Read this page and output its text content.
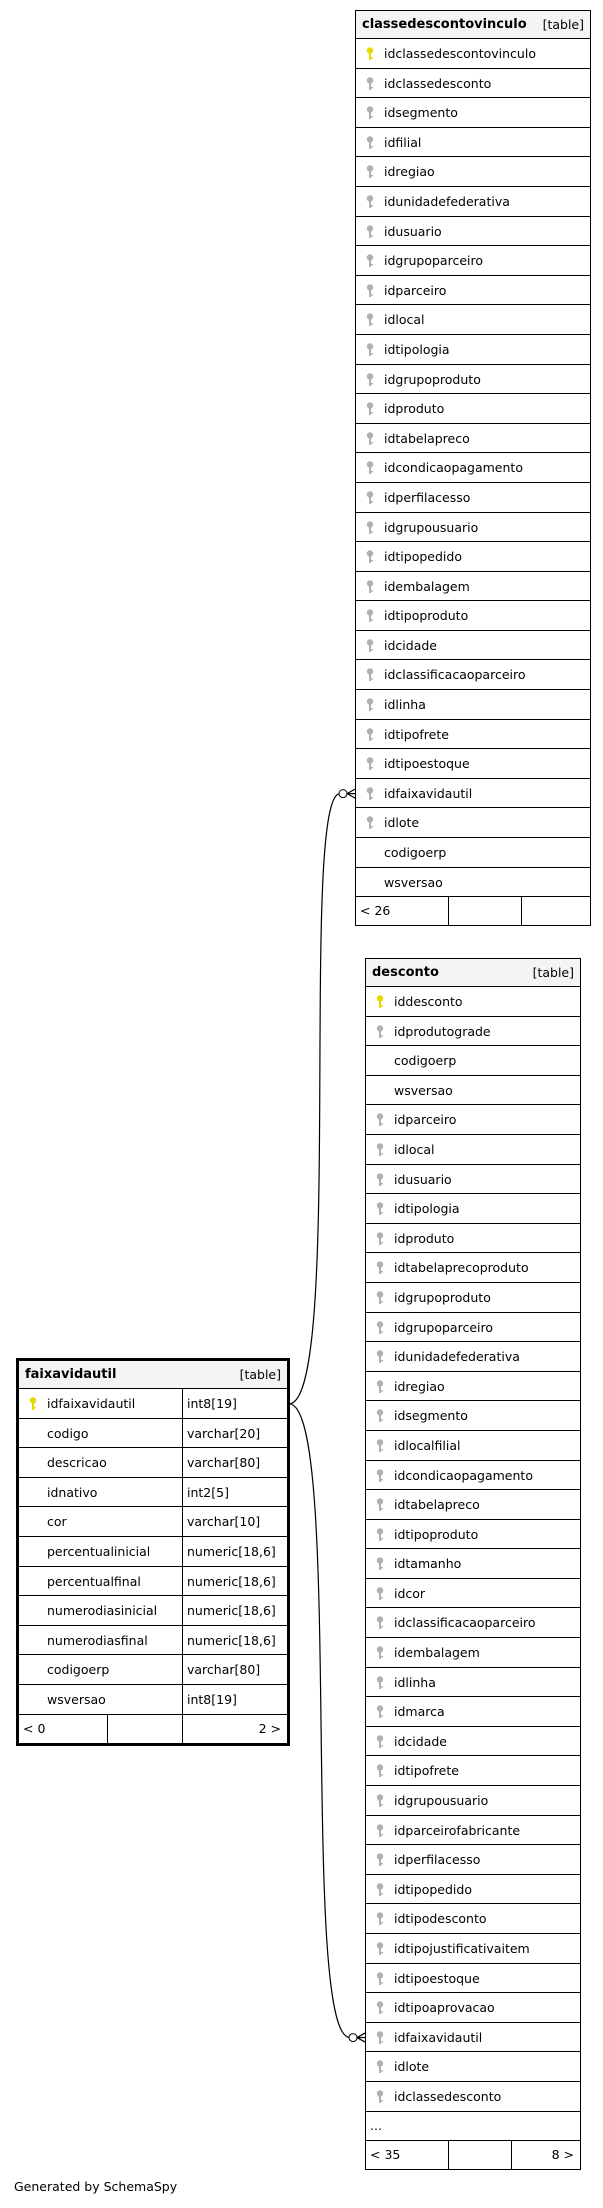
classedescontovinculo [table]
idclassedescontovinculo
idclassedesconto
idsegmento
idfilial
idregiao
idunidadefederativa
idusuario
idgrupoparceiro
idparceiro
idlocal
idtipologia
idgrupoproduto
idproduto
idtabelapreco
idcondicaopagamento
idperfilacesso
idgrupousuario
idtipopedido
idembalagem
idtipoproduto
idcidade
idclassificacaoparceiro
idlinha
idtipofrete
idtipoestoque
idfaixavidautil
idlote
codigoerp
wsversao
< 26
desconto	[table]
iddesconto
idprodutograde
codigoerp
wsversao
idparceiro
idlocal
idusuario
idtipologia
idproduto
idtabelaprecoproduto
idgrupoproduto
idgrupoparceiro
idunidadefederativa
idregiao
idsegmento
idlocalfilial
idcondicaopagamento
idtabelapreco
idtipoproduto
idtamanho
idcor
idclassificacaoparceiro
idembalagem
idlinha
idmarca
idcidade
idtipofrete
idgrupousuario
idparceirofabricante
idperfilacesso
idtipopedido
idtipodesconto
idtipojustificativaitem
idtipoestoque
idtipoaprovacao
idfaixavidautil
idlote
idclassedesconto
...
< 35	8 >
faixavidautil	[table]
idfaixavidautil	int8[19]
codigo	varchar[20]
descricao	varchar[80]
idnativo	int2[5]
cor	varchar[10]
percentualinicial	numeric[18,6]
percentualfinal	numeric[18,6]
numerodiasinicial numeric[18,6]
numerodiasfinal	numeric[18,6]
codigoerp	varchar[80]
wsversao	int8[19]
< 0	2 >
Generated by SchemaSpy
